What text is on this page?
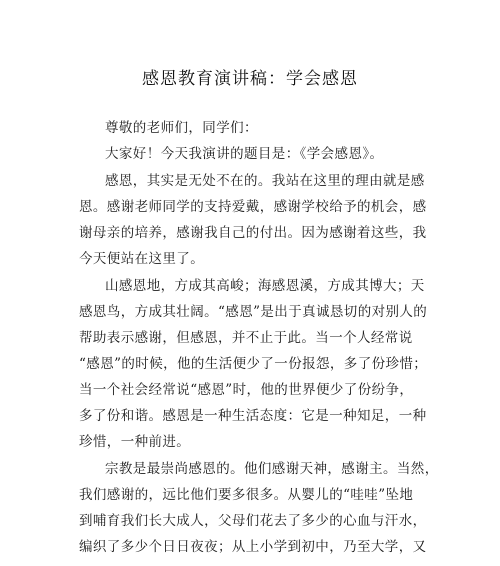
感恩教育演讲稿：学会感恩
尊敬的老师们，同学们：
大家好！今天我演讲的题目是：《学会感恩》。
感恩，其实是无处不在的。我站在这里的理由就是感
恩。感谢老师同学的支持爱戴，感谢学校给予的机会，感
谢母亲的培养，感谢我自己的付出。因为感谢着这些，我
今天便站在这里了。
山感恩地，方成其高峻；海感恩溪，方成其博大；天
感恩鸟，方成其壮阔。“感恩”是出于真诚恳切的对别人的
帮助表示感谢，但感恩，并不止于此。当一个人经常说
“感恩”的时候，他的生活便少了一份报怨，多了份珍惜；
当一个社会经常说“感恩”时，他的世界便少了份纷争，
多了份和谐。感恩是一种生活态度：它是一种知足，一种
珍惜，一种前进。
宗教是最崇尚感恩的。他们感谢天神，感谢主。当然，
我们感谢的，远比他们要多很多。从婴儿的“哇哇”坠地
到哺育我们长大成人，父母们花去了多少的心血与汗水，
编织了多少个日日夜夜；从上小学到初中，乃至大学，又
